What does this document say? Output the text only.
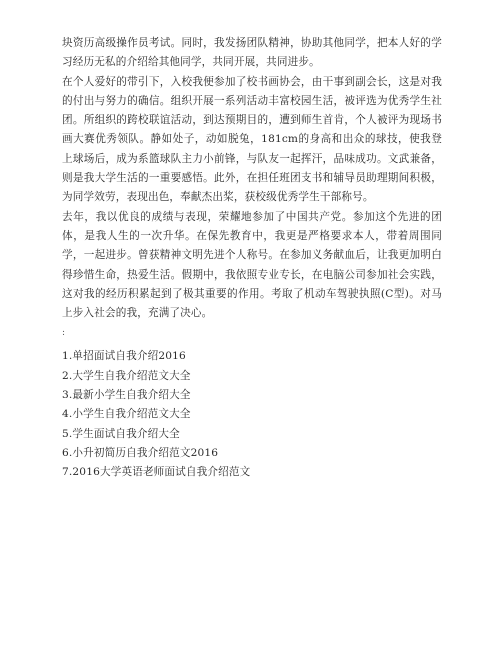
块资历高级操作员考试。同时，我发扬团队精神，协助其他同学，把本人好的学习经历无私的介绍给其他同学，共同开展，共同进步。

在个人爱好的带引下，入校我便参加了校书画协会，由干事到副会长，这是对我的付出与努力的确信。组织开展一系列活动丰富校园生活，被评选为优秀学生社团。所组织的跨校联谊活动，到达预期目的，遭到师生首肯，个人被评为现场书画大赛优秀领队。静如处子，动如脱兔，181cm的身高和出众的球技，使我登上球场后，成为系篮球队主力小前锋，与队友一起挥汗，品味成功。文武兼备，则是我大学生活的一重要感悟。此外，在担任班团支书和辅导员助理期间积极，为同学效劳，表现出色，奉献杰出桨，获校级优秀学生干部称号。

去年，我以优良的成绩与表现，荣耀地参加了中国共产党。参加这个先进的团体，是我人生的一次升华。在保先教育中，我更是严格要求本人，带着周围同学，一起进步。曾获精神文明先进个人称号。在参加义务献血后，让我更加明白得珍惜生命，热爱生活。假期中，我依照专业专长，在电脑公司参加社会实践，这对我的经历积累起到了极其重要的作用。考取了机动车驾驶执照(C型)。对马上步入社会的我，充满了决心。

:

1.单招面试自我介绍2016
2.大学生自我介绍范文大全
3.最新小学生自我介绍大全
4.小学生自我介绍范文大全
5.学生面试自我介绍大全
6.小升初简历自我介绍范文2016
7.2016大学英语老师面试自我介绍范文
